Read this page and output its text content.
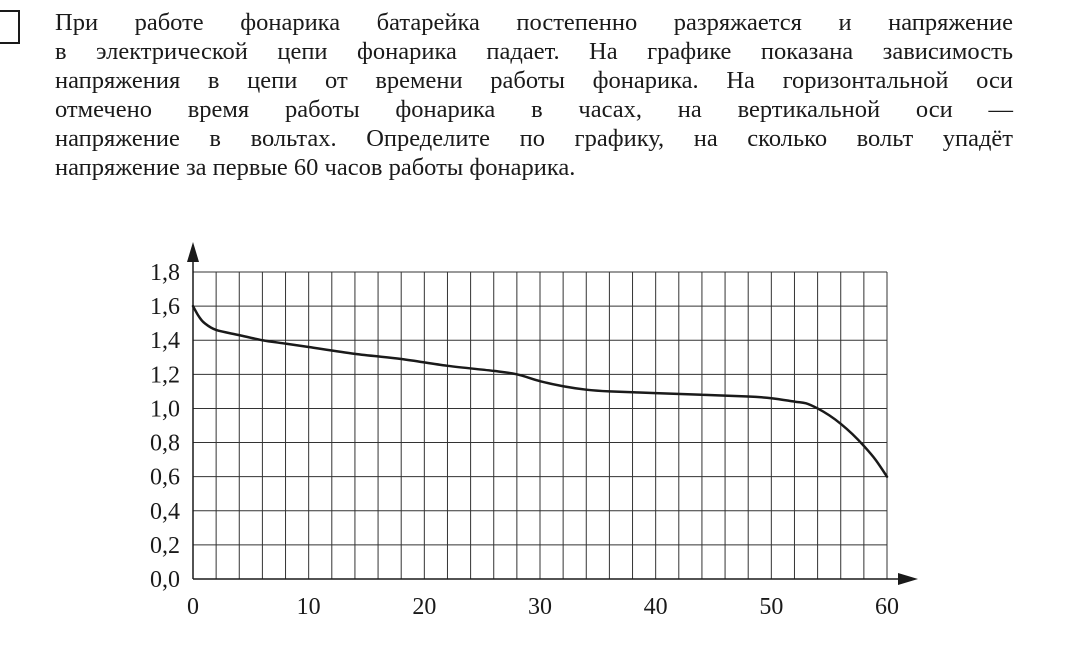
При работе фонарика батарейка постепенно разряжается и напряжение
в электрической цепи фонарика падает. На графике показана зависимость
напряжения в цепи от времени работы фонарика. На горизонтальной оси
отмечено время работы фонарика в часах, на вертикальной оси —
напряжение в вольтах. Определите по графику, на сколько вольт упадёт
напряжение за первые 60 часов работы фонарика.
0,0
0,2
0,4
0,6
0,8
1,0
1,2
1,4
1,6
1,8
0	10	20	30	40	50	60
